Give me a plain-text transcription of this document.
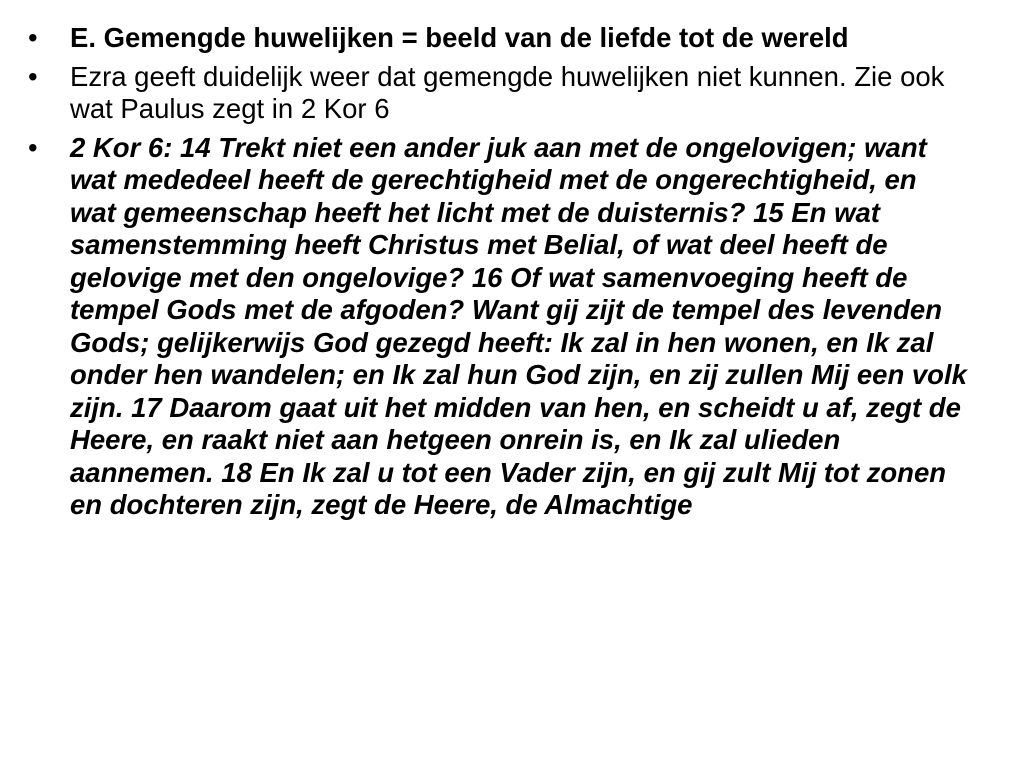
• E. Gemengde huwelijken = beeld van de liefde tot de wereld
• Ezra geeft duidelijk weer dat gemengde huwelijken niet kunnen. Zie ook wat Paulus zegt in 2 Kor 6
• 2 Kor 6: 14 Trekt niet een ander juk aan met de ongelovigen; want wat mededeel heeft de gerechtigheid met de ongerechtigheid, en wat gemeenschap heeft het licht met de duisternis? 15 En wat samenstemming heeft Christus met Belial, of wat deel heeft de gelovige met den ongelovige? 16 Of wat samenvoeging heeft de tempel Gods met de afgoden? Want gij zijt de tempel des levenden Gods; gelijkerwijs God gezegd heeft: Ik zal in hen wonen, en Ik zal onder hen wandelen; en Ik zal hun God zijn, en zij zullen Mij een volk zijn. 17 Daarom gaat uit het midden van hen, en scheidt u af, zegt de Heere, en raakt niet aan hetgeen onrein is, en Ik zal ulieden aannemen. 18 En Ik zal u tot een Vader zijn, en gij zult Mij tot zonen en dochteren zijn, zegt de Heere, de Almachtige
